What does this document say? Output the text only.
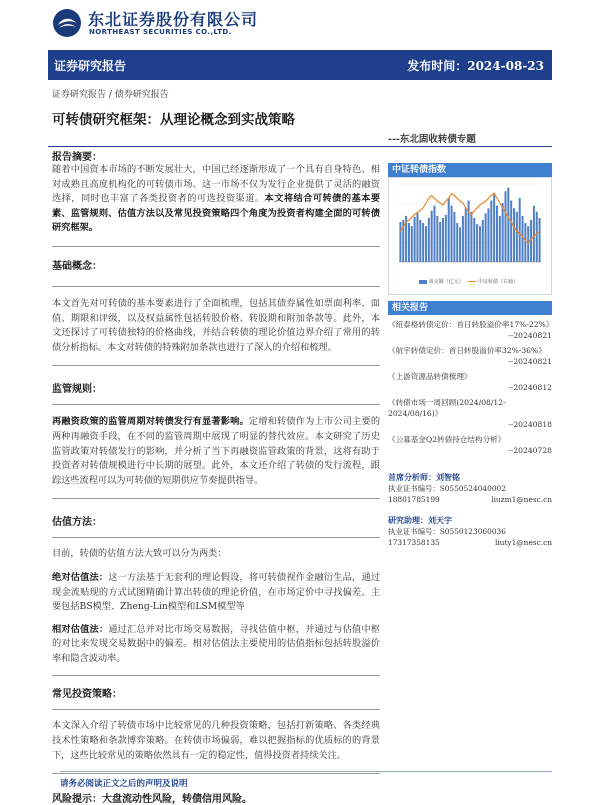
东北证券股份有限公司
NORTHEAST SECURITIES CO.,LTD.
证券研究报告	发布时间：2024-08-23
证券研究报告 / 债券研究报告
可转债研究框架：从理论概念到实战策略
---东北固收转债专题
报告摘要：

随着中国资本市场的不断发展壮大，中国已经逐渐形成了一个具有自身特色、相对成熟且高度机构化的可转债市场。这一市场不仅为发行企业提供了灵活的融资选择，同时也丰富了各类投资者的可选投资渠道。本文将结合可转债的基本要素、监管规则、估值方法以及常见投资策略四个角度为投资者构建全面的可转债研究框架。

基础概念：

本文首先对可转债的基本要素进行了全面梳理，包括其债券属性如票面利率、面值、期限和评级，以及权益属性包括转股价格、转股期和附加条款等。此外，本文还探讨了可转债独特的价格曲线，并结合转债的理论价值边界介绍了常用的转债分析指标。本文对转债的特殊附加条款也进行了深入的介绍和梳理。

监管规则：

再融资政策的监管周期对转债发行有显著影响。定增和转债作为上市公司主要的两种再融资手段，在不同的监管周期中展现了明显的替代效应。本文研究了历史监管政策对转债发行的影响，并分析了当下再融资监管政策的背景，这将有助于投资者对转债规模进行中长期的展望。此外，本文还介绍了转债的发行流程，跟踪这些流程可以为可转债的短期供应节奏提供指导。

估值方法：

目前，转债的估值方法大致可以分为两类：

绝对估值法：这一方法基于无套利的理论假设，将可转债视作金融衍生品，通过现金流贴现的方式试图精确计算出转债的理论价值，在市场定价中寻找偏差。主要包括BS模型、Zheng-Lin模型和LSM模型等

相对估值法：通过汇总并对比市场交易数据，寻找估值中枢，并通过与估值中枢的对比来发现交易数据中的偏差。相对估值法主要使用的估值指标包括转股溢价率和隐含波动率。

常见投资策略：

本文深入介绍了转债市场中比较常见的几种投资策略，包括打新策略、各类经典技术性策略和条款博弈策略。在转债市场偏弱，难以把握指标的优质标的的背景下，这些比较常见的策略依然具有一定的稳定性，值得投资者持续关注。

风险提示：大盘流动性风险，转债信用风险。
中证转债指数
成交额（亿元）	中证转债（右轴）
相关报告
《纽泰格转债定价：首日转股溢价率17%-22%》
--20240821
《航宇转债定价：首日转股溢价率32%-36%》
--20240821
《上游资源品转债梳理》
--20240812
《转债市场一周回顾(2024/08/12-2024/08/16)》
--20240818
《公募基金Q2转债持仓结构分析》
--20240728
首席分析师：刘智铭
执业证书编号：S0550524040002
18801785199	liuzm1@nesc.cn
研究助理：刘天宇
执业证书编号：S0550123060036
17317358135	liuty1@nesc.cn
请务必阅读正文之后的声明及说明
